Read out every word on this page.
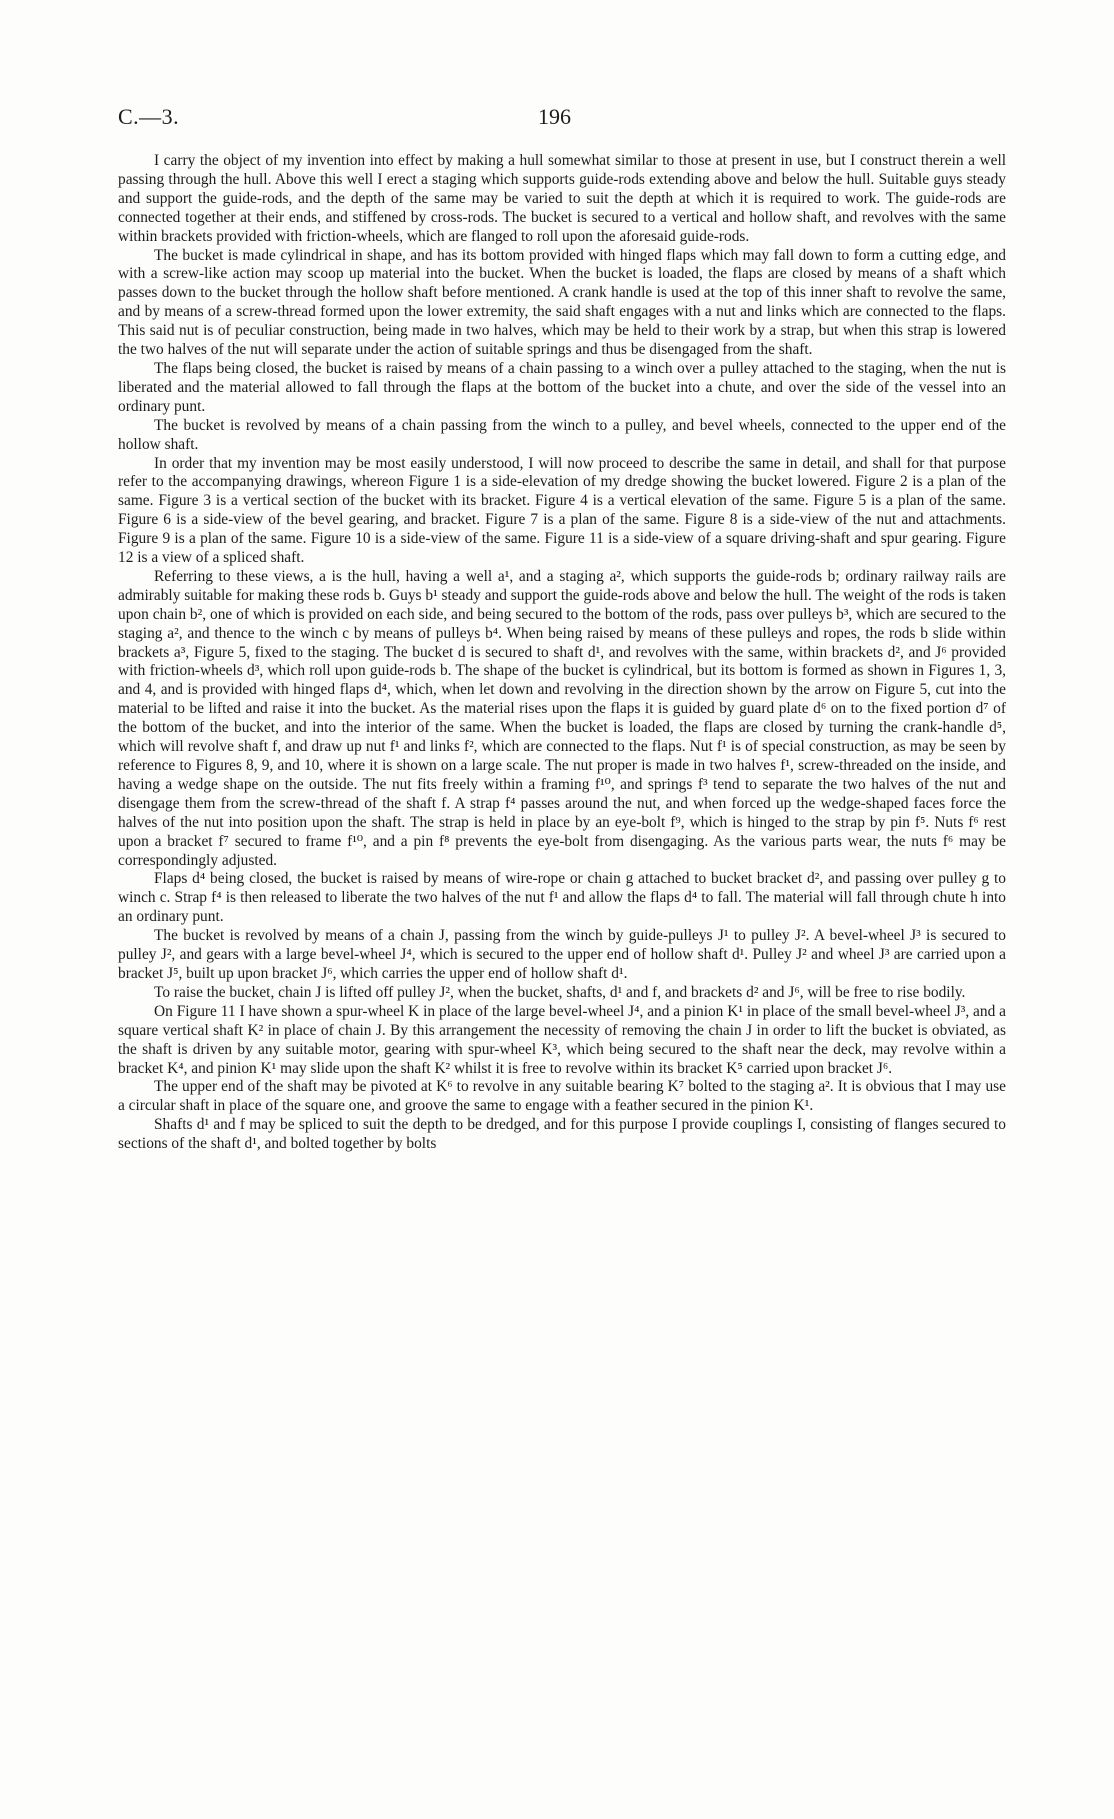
C.—3.	196

I carry the object of my invention into effect by making a hull somewhat similar to those at present in use, but I construct therein a well passing through the hull. Above this well I erect a staging which supports guide-rods extending above and below the hull. Suitable guys steady and support the guide-rods, and the depth of the same may be varied to suit the depth at which it is required to work. The guide-rods are connected together at their ends, and stiffened by cross-rods. The bucket is secured to a vertical and hollow shaft, and revolves with the same within brackets provided with friction-wheels, which are flanged to roll upon the aforesaid guide-rods.

The bucket is made cylindrical in shape, and has its bottom provided with hinged flaps which may fall down to form a cutting edge, and with a screw-like action may scoop up material into the bucket. When the bucket is loaded, the flaps are closed by means of a shaft which passes down to the bucket through the hollow shaft before mentioned. A crank handle is used at the top of this inner shaft to revolve the same, and by means of a screw-thread formed upon the lower extremity, the said shaft engages with a nut and links which are connected to the flaps. This said nut is of peculiar construction, being made in two halves, which may be held to their work by a strap, but when this strap is lowered the two halves of the nut will separate under the action of suitable springs and thus be disengaged from the shaft.

The flaps being closed, the bucket is raised by means of a chain passing to a winch over a pulley attached to the staging, when the nut is liberated and the material allowed to fall through the flaps at the bottom of the bucket into a chute, and over the side of the vessel into an ordinary punt.

The bucket is revolved by means of a chain passing from the winch to a pulley, and bevel wheels, connected to the upper end of the hollow shaft.

In order that my invention may be most easily understood, I will now proceed to describe the same in detail, and shall for that purpose refer to the accompanying drawings, whereon Figure 1 is a side-elevation of my dredge showing the bucket lowered. Figure 2 is a plan of the same. Figure 3 is a vertical section of the bucket with its bracket. Figure 4 is a vertical elevation of the same. Figure 5 is a plan of the same. Figure 6 is a side-view of the bevel gearing, and bracket. Figure 7 is a plan of the same. Figure 8 is a side-view of the nut and attachments. Figure 9 is a plan of the same. Figure 10 is a side-view of the same. Figure 11 is a side-view of a square driving-shaft and spur gearing. Figure 12 is a view of a spliced shaft.

Referring to these views, a is the hull, having a well a¹, and a staging a², which supports the guide-rods b; ordinary railway rails are admirably suitable for making these rods b. Guys b¹ steady and support the guide-rods above and below the hull. The weight of the rods is taken upon chain b², one of which is provided on each side, and being secured to the bottom of the rods, pass over pulleys b³, which are secured to the staging a², and thence to the winch c by means of pulleys b⁴. When being raised by means of these pulleys and ropes, the rods b slide within brackets a³, Figure 5, fixed to the staging. The bucket d is secured to shaft d¹, and revolves with the same, within brackets d², and J⁶ provided with friction-wheels d³, which roll upon guide-rods b. The shape of the bucket is cylindrical, but its bottom is formed as shown in Figures 1, 3, and 4, and is provided with hinged flaps d⁴, which, when let down and revolving in the direction shown by the arrow on Figure 5, cut into the material to be lifted and raise it into the bucket. As the material rises upon the flaps it is guided by guard plate d⁶ on to the fixed portion d⁷ of the bottom of the bucket, and into the interior of the same. When the bucket is loaded, the flaps are closed by turning the crank-handle d⁵, which will revolve shaft f, and draw up nut f¹ and links f², which are connected to the flaps. Nut f¹ is of special construction, as may be seen by reference to Figures 8, 9, and 10, where it is shown on a large scale. The nut proper is made in two halves f¹, screw-threaded on the inside, and having a wedge shape on the outside. The nut fits freely within a framing f¹⁰, and springs f³ tend to separate the two halves of the nut and disengage them from the screw-thread of the shaft f. A strap f⁴ passes around the nut, and when forced up the wedge-shaped faces force the halves of the nut into position upon the shaft. The strap is held in place by an eye-bolt f⁹, which is hinged to the strap by pin f⁵. Nuts f⁶ rest upon a bracket f⁷ secured to frame f¹⁰, and a pin f⁸ prevents the eye-bolt from disengaging. As the various parts wear, the nuts f⁶ may be correspondingly adjusted.

Flaps d⁴ being closed, the bucket is raised by means of wire-rope or chain g attached to bucket bracket d², and passing over pulley g to winch c. Strap f⁴ is then released to liberate the two halves of the nut f¹ and allow the flaps d⁴ to fall. The material will fall through chute h into an ordinary punt.

The bucket is revolved by means of a chain J, passing from the winch by guide-pulleys J¹ to pulley J². A bevel-wheel J³ is secured to pulley J², and gears with a large bevel-wheel J⁴, which is secured to the upper end of hollow shaft d¹. Pulley J² and wheel J³ are carried upon a bracket J⁵, built up upon bracket J⁶, which carries the upper end of hollow shaft d¹.

To raise the bucket, chain J is lifted off pulley J², when the bucket, shafts, d¹ and f, and brackets d² and J⁶, will be free to rise bodily.

On Figure 11 I have shown a spur-wheel K in place of the large bevel-wheel J⁴, and a pinion K¹ in place of the small bevel-wheel J³, and a square vertical shaft K² in place of chain J. By this arrangement the necessity of removing the chain J in order to lift the bucket is obviated, as the shaft is driven by any suitable motor, gearing with spur-wheel K³, which being secured to the shaft near the deck, may revolve within a bracket K⁴, and pinion K¹ may slide upon the shaft K² whilst it is free to revolve within its bracket K⁵ carried upon bracket J⁶.

The upper end of the shaft may be pivoted at K⁶ to revolve in any suitable bearing K⁷ bolted to the staging a². It is obvious that I may use a circular shaft in place of the square one, and groove the same to engage with a feather secured in the pinion K¹.

Shafts d¹ and f may be spliced to suit the depth to be dredged, and for this purpose I provide couplings I, consisting of flanges secured to sections of the shaft d¹, and bolted together by bolts
